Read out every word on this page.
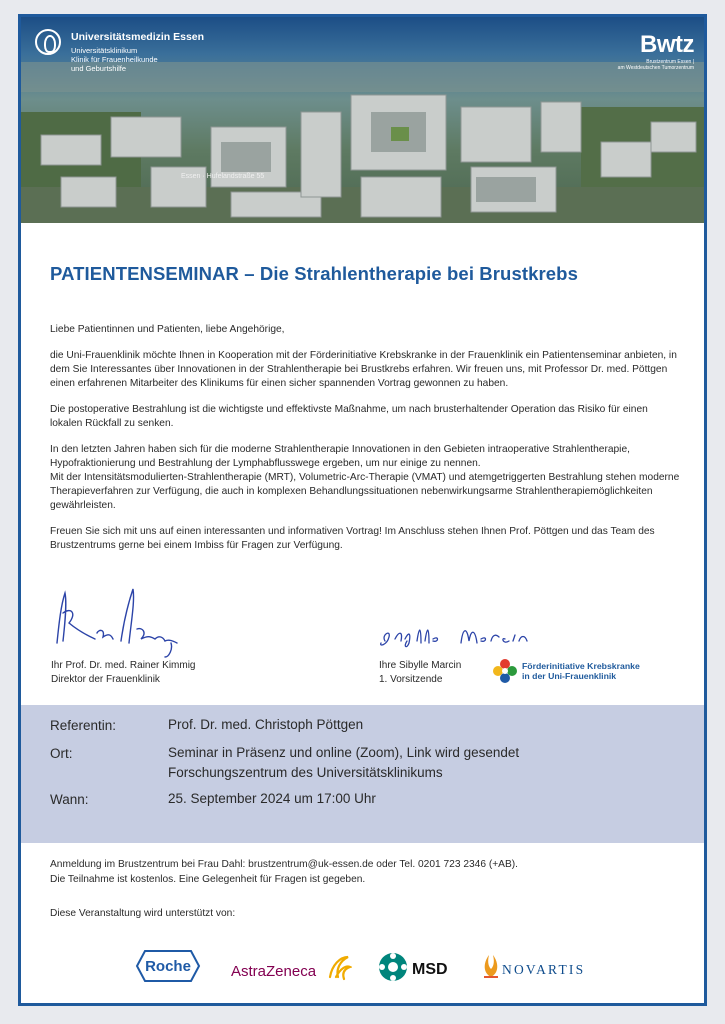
Universitätsmedizin Essen
Universitätsklinikum
Klinik für Frauenheilkunde
und Geburtshilfe
Bwtz
Brustzentrum Essen |
am Westdeutschen Tumorzentrum
Essen · Hufelandstraße 55
PATIENTENSEMINAR – Die Strahlentherapie bei Brustkrebs

Liebe Patientinnen und Patienten, liebe Angehörige,

die Uni-Frauenklinik möchte Ihnen in Kooperation mit der Förderinitiative Krebskranke in der Frauenklinik ein Patientenseminar anbieten, in dem Sie Interessantes über Innovationen in der Strahlentherapie bei Brustkrebs erfahren. Wir freuen uns, mit Professor Dr. med. Pöttgen einen erfahrenen Mitarbeiter des Klinikums für einen sicher spannenden Vortrag gewonnen zu haben.

Die postoperative Bestrahlung ist die wichtigste und effektivste Maßnahme, um nach brusterhaltender Operation das Risiko für einen lokalen Rückfall zu senken.

In den letzten Jahren haben sich für die moderne Strahlentherapie Innovationen in den Gebieten intraoperative Strahlentherapie, Hypofraktionierung und Bestrahlung der Lymphabflusswege ergeben, um nur einige zu nennen.

Mit der Intensitätsmodulierten-Strahlentherapie (MRT), Volumetric-Arc-Therapie (VMAT) und atemgetriggerten Bestrahlung stehen moderne Therapieverfahren zur Verfügung, die auch in komplexen Behandlungssituationen nebenwirkungsarme Strahlentherapiemöglichkeiten gewährleisten.

Freuen Sie sich mit uns auf einen interessanten und informativen Vortrag! Im Anschluss stehen Ihnen Prof. Pöttgen und das Team des Brustzentrums gerne bei einem Imbiss für Fragen zur Verfügung.

Ihr Prof. Dr. med. Rainer Kimmig
Direktor der Frauenklinik
Ihre Sibylle Marcin
1. Vorsitzende
Förderinitiative Krebskranke
in der Uni-Frauenklinik
Referentin:	Prof. Dr. med. Christoph Pöttgen
Ort:	Seminar in Präsenz und online (Zoom), Link wird gesendet
Forschungszentrum des Universitätsklinikums
Wann:	25. September 2024 um 17:00 Uhr
Anmeldung im Brustzentrum bei Frau Dahl: brustzentrum@uk-essen.de oder Tel. 0201 723 2346 (+AB).
Die Teilnahme ist kostenlos. Eine Gelegenheit für Fragen ist gegeben.
Diese Veranstaltung wird unterstützt von:
Roche	AstraZeneca	MSD	NOVARTIS
